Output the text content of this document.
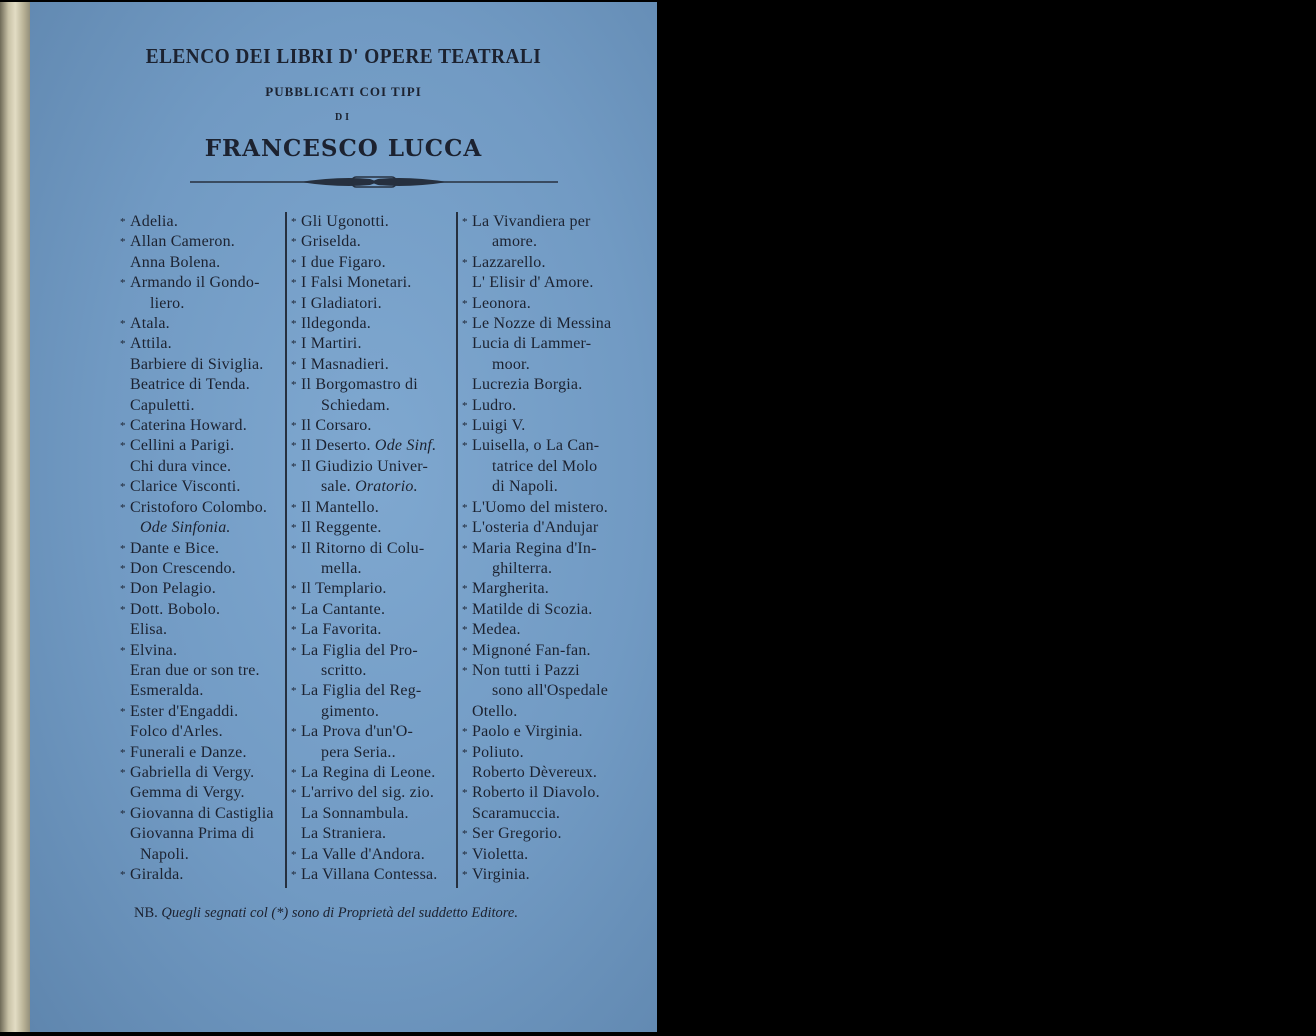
ELENCO DEI LIBRI D' OPERE TEATRALI
PUBBLICATI COI TIPI
DI
FRANCESCO LUCCA
* Adelia.
* Allan Cameron.
Anna Bolena.
* Armando il Gondo-
liero.
* Atala.
* Attila.
Barbiere di Siviglia.
Beatrice di Tenda.
Capuletti.
* Caterina Howard.
* Cellini a Parigi.
Chi dura vince.
* Clarice Visconti.
* Cristoforo Colombo.
Ode Sinfonia.
* Dante e Bice.
* Don Crescendo.
* Don Pelagio.
* Dott. Bobolo.
Elisa.
* Elvina.
Eran due or son tre.
Esmeralda.
* Ester d'Engaddi.
Folco d'Arles.
* Funerali e Danze.
* Gabriella di Vergy.
Gemma di Vergy.
* Giovanna di Castiglia
Giovanna Prima di
Napoli.
* Giralda.
* Gli Ugonotti.
* Griselda.
* I due Figaro.
* I Falsi Monetari.
* I Gladiatori.
* Ildegonda.
* I Martiri.
* I Masnadieri.
* Il Borgomastro di
Schiedam.
* Il Corsaro.
* Il Deserto. Ode Sinf.
* Il Giudizio Univer-
sale. Oratorio.
* Il Mantello.
* Il Reggente.
* Il Ritorno di Colu-
mella.
* Il Templario.
* La Cantante.
* La Favorita.
* La Figlia del Pro-
scritto.
* La Figlia del Reg-
gimento.
* La Prova d'un'O-
pera Seria..
* La Regina di Leone.
* L'arrivo del sig. zio.
La Sonnambula.
La Straniera.
* La Valle d'Andora.
* La Villana Contessa.
* La Vivandiera per
amore.
* Lazzarello.
L' Elisir d' Amore.
* Leonora.
* Le Nozze di Messina
Lucia di Lammer-
moor.
Lucrezia Borgia.
* Ludro.
* Luigi V.
* Luisella, o La Can-
tatrice del Molo
di Napoli.
* L'Uomo del mistero.
* L'osteria d'Andujar
* Maria Regina d'In-
ghilterra.
* Margherita.
* Matilde di Scozia.
* Medea.
* Mignoné Fan-fan.
* Non tutti i Pazzi
sono all'Ospedale
Otello.
* Paolo e Virginia.
* Poliuto.
Roberto Dèvereux.
* Roberto il Diavolo.
Scaramuccia.
* Ser Gregorio.
* Violetta.
* Virginia.
NB. Quegli segnati col (*) sono di Proprietà del suddetto Editore.
